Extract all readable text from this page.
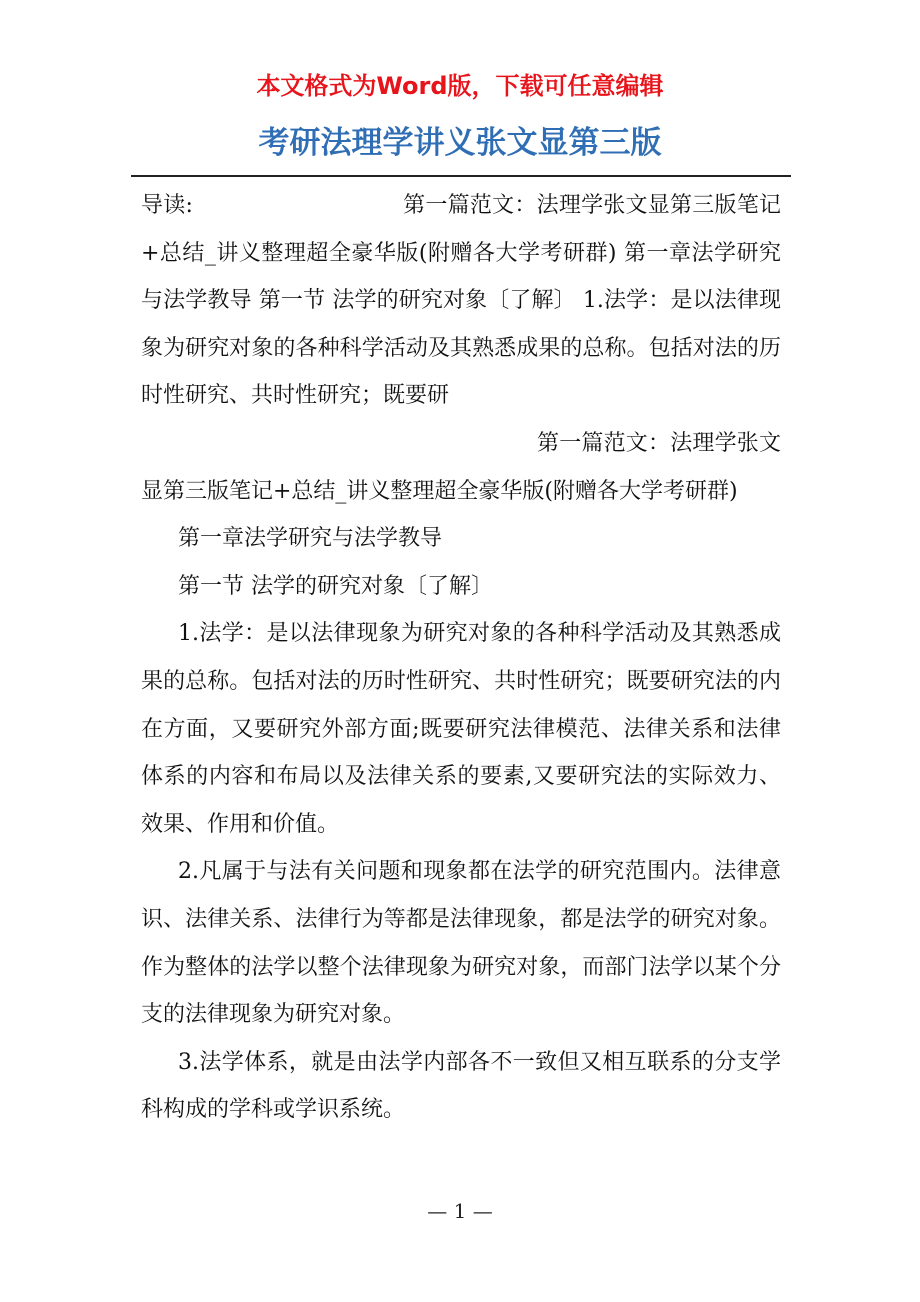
本文格式为Word版，下载可任意编辑
考研法理学讲义张文显第三版

导读:	第一篇范文：法理学张文显第三版笔记+总结_讲义整理超全豪华版(附赠各大学考研群) 第一章法学研究与法学教导 第一节 法学的研究对象〔了解〕 1.法学：是以法律现象为研究对象的各种科学活动及其熟悉成果的总称。包括对法的历时性研究、共时性研究；既要研

第一篇范文：法理学张文显第三版笔记+总结_讲义整理超全豪华版(附赠各大学考研群)

第一章法学研究与法学教导

第一节 法学的研究对象〔了解〕

1.法学：是以法律现象为研究对象的各种科学活动及其熟悉成果的总称。包括对法的历时性研究、共时性研究；既要研究法的内在方面，又要研究外部方面;既要研究法律模范、法律关系和法律体系的内容和布局以及法律关系的要素,又要研究法的实际效力、效果、作用和价值。

2.凡属于与法有关问题和现象都在法学的研究范围内。法律意识、法律关系、法律行为等都是法律现象，都是法学的研究对象。作为整体的法学以整个法律现象为研究对象，而部门法学以某个分支的法律现象为研究对象。

3.法学体系，就是由法学内部各不一致但又相互联系的分支学科构成的学科或学识系统。

— 1 —
